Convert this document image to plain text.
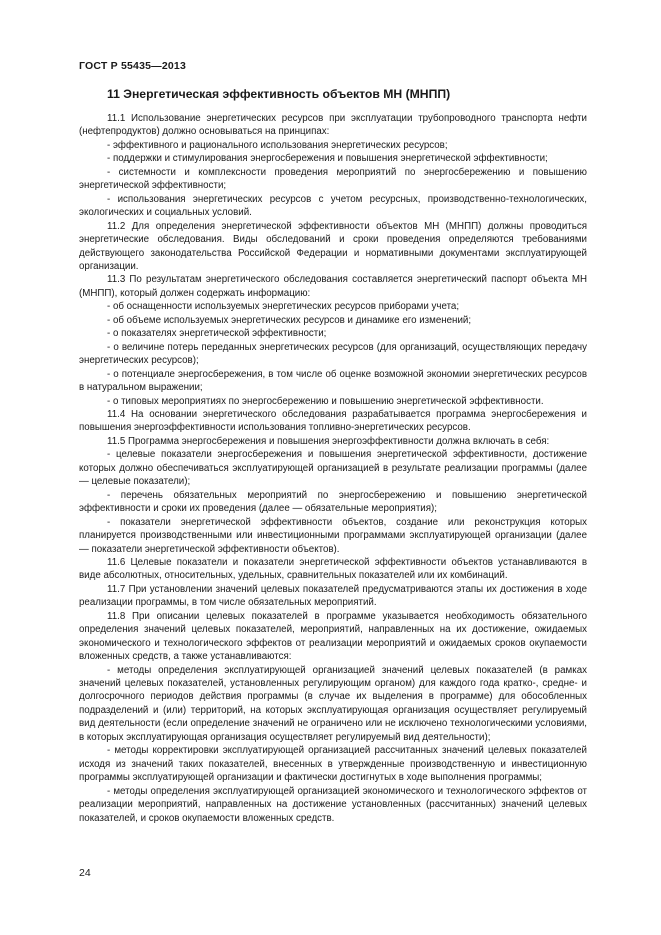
ГОСТ Р 55435—2013
11 Энергетическая эффективность объектов МН (МНПП)

11.1 Использование энергетических ресурсов при эксплуатации трубопроводного транспорта нефти (нефтепродуктов) должно основываться на принципах:

- эффективного и рационального использования энергетических ресурсов;

- поддержки и стимулирования энергосбережения и повышения энергетической эффективности;

- системности и комплексности проведения мероприятий по энергосбережению и повышению энергетической эффективности;

- использования энергетических ресурсов с учетом ресурсных, производственно-технологических, экологических и социальных условий.

11.2 Для определения энергетической эффективности объектов МН (МНПП) должны проводиться энергетические обследования. Виды обследований и сроки проведения определяются требованиями действующего законодательства Российской Федерации и нормативными документами эксплуатирующей организации.

11.3 По результатам энергетического обследования составляется энергетический паспорт объекта МН (МНПП), который должен содержать информацию:

- об оснащенности используемых энергетических ресурсов приборами учета;

- об объеме используемых энергетических ресурсов и динамике его изменений;

- о показателях энергетической эффективности;

- о величине потерь переданных энергетических ресурсов (для организаций, осуществляющих передачу энергетических ресурсов);

- о потенциале энергосбережения, в том числе об оценке возможной экономии энергетических ресурсов в натуральном выражении;

- о типовых мероприятиях по энергосбережению и повышению энергетической эффективности.

11.4 На основании энергетического обследования разрабатывается программа энергосбережения и повышения энергоэффективности использования топливно-энергетических ресурсов.

11.5 Программа энергосбережения и повышения энергоэффективности должна включать в себя:

- целевые показатели энергосбережения и повышения энергетической эффективности, достижение которых должно обеспечиваться эксплуатирующей организацией в результате реализации программы (далее — целевые показатели);

- перечень обязательных мероприятий по энергосбережению и повышению энергетической эффективности и сроки их проведения (далее — обязательные мероприятия);

- показатели энергетической эффективности объектов, создание или реконструкция которых планируется производственными или инвестиционными программами эксплуатирующей организации (далее — показатели энергетической эффективности объектов).

11.6 Целевые показатели и показатели энергетической эффективности объектов устанавливаются в виде абсолютных, относительных, удельных, сравнительных показателей или их комбинаций.

11.7 При установлении значений целевых показателей предусматриваются этапы их достижения в ходе реализации программы, в том числе обязательных мероприятий.

11.8 При описании целевых показателей в программе указывается необходимость обязательного определения значений целевых показателей, мероприятий, направленных на их достижение, ожидаемых экономического и технологического эффектов от реализации мероприятий и ожидаемых сроков окупаемости вложенных средств, а также устанавливаются:

- методы определения эксплуатирующей организацией значений целевых показателей (в рамках значений целевых показателей, установленных регулирующим органом) для каждого года кратко-, средне- и долгосрочного периодов действия программы (в случае их выделения в программе) для обособленных подразделений и (или) территорий, на которых эксплуатирующая организация осуществляет регулируемый вид деятельности (если определение значений не ограничено или не исключено технологическими условиями, в которых эксплуатирующая организация осуществляет регулируемый вид деятельности);

- методы корректировки эксплуатирующей организацией рассчитанных значений целевых показателей исходя из значений таких показателей, внесенных в утвержденные производственную и инвестиционную программы эксплуатирующей организации и фактически достигнутых в ходе выполнения программы;

- методы определения эксплуатирующей организацией экономического и технологического эффектов от реализации мероприятий, направленных на достижение установленных (рассчитанных) значений целевых показателей, и сроков окупаемости вложенных средств.

24
